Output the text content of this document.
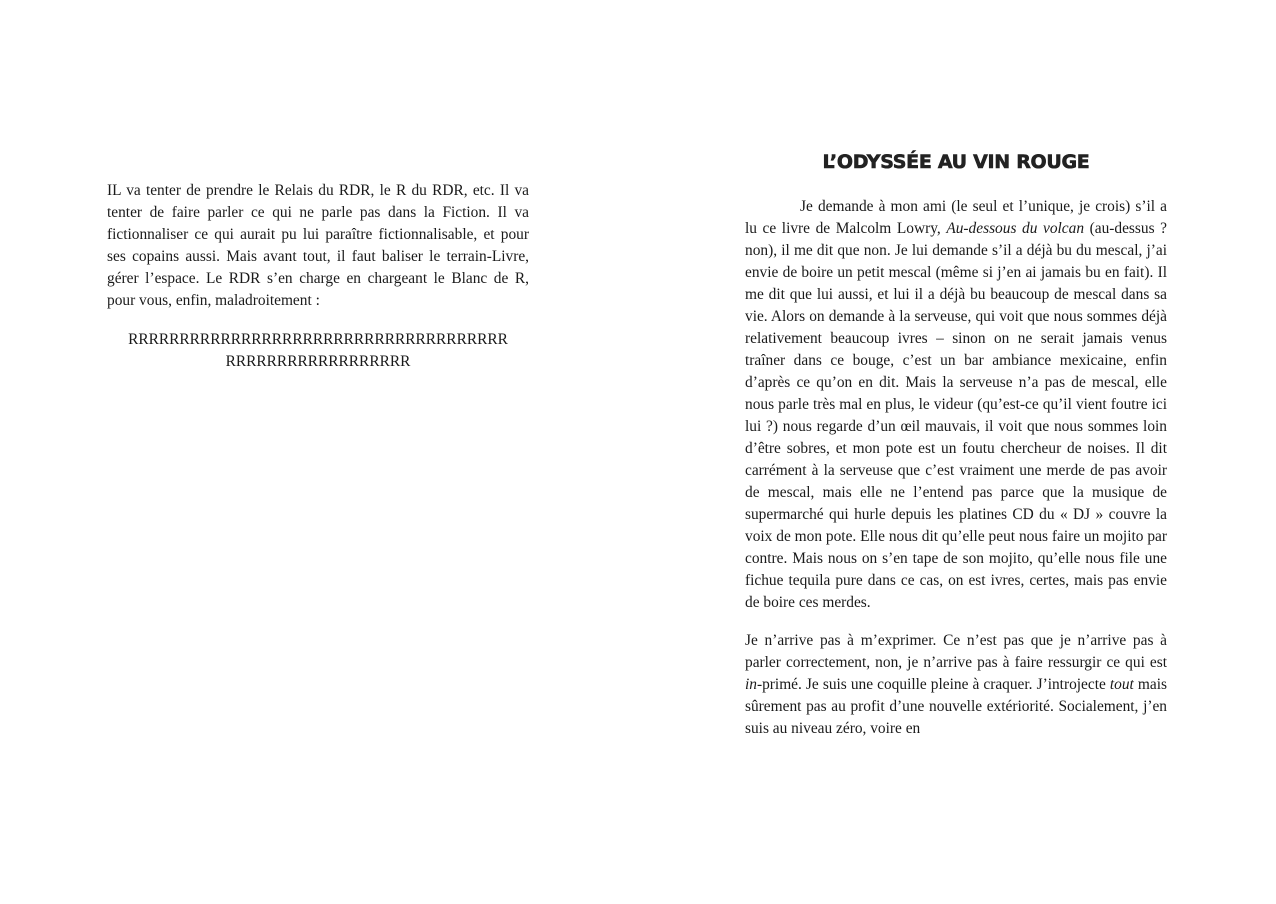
IL va tenter de prendre le Relais du RDR, le R du RDR, etc. Il va tenter de faire parler ce qui ne parle pas dans la Fiction. Il va fictionnaliser ce qui aurait pu lui paraître fictionnalisable, et pour ses copains aussi. Mais avant tout, il faut baliser le terrain-Livre, gérer l’espace. Le RDR s’en charge en chargeant le Blanc de R, pour vous, enfin, maladroitement :

RRRRRRRRRRRRRRRRRRRRRRRRRRRRRRRRRRRRR
RRRRRRRRRRRRRRRRRR
L’ODYSSÉE AU VIN ROUGE

Je demande à mon ami (le seul et l’unique, je crois) s’il a lu ce livre de Malcolm Lowry, Au-dessous du volcan (au-dessus ? non), il me dit que non. Je lui demande s’il a déjà bu du mescal, j’ai envie de boire un petit mescal (même si j’en ai jamais bu en fait). Il me dit que lui aussi, et lui il a déjà bu beaucoup de mescal dans sa vie. Alors on demande à la serveuse, qui voit que nous sommes déjà relativement beaucoup ivres – sinon on ne serait jamais venus traîner dans ce bouge, c’est un bar ambiance mexicaine, enfin d’après ce qu’on en dit. Mais la serveuse n’a pas de mescal, elle nous parle très mal en plus, le videur (qu’est-ce qu’il vient foutre ici lui ?) nous regarde d’un œil mauvais, il voit que nous sommes loin d’être sobres, et mon pote est un foutu chercheur de noises. Il dit carrément à la serveuse que c’est vraiment une merde de pas avoir de mescal, mais elle ne l’entend pas parce que la musique de supermarché qui hurle depuis les platines CD du « DJ » couvre la voix de mon pote. Elle nous dit qu’elle peut nous faire un mojito par contre. Mais nous on s’en tape de son mojito, qu’elle nous file une fichue tequila pure dans ce cas, on est ivres, certes, mais pas envie de boire ces merdes.

Je n’arrive pas à m’exprimer. Ce n’est pas que je n’arrive pas à parler correctement, non, je n’arrive pas à faire ressurgir ce qui est in-primé. Je suis une coquille pleine à craquer. J’introjecte tout mais sûrement pas au profit d’une nouvelle extériorité. Socialement, j’en suis au niveau zéro, voire en
